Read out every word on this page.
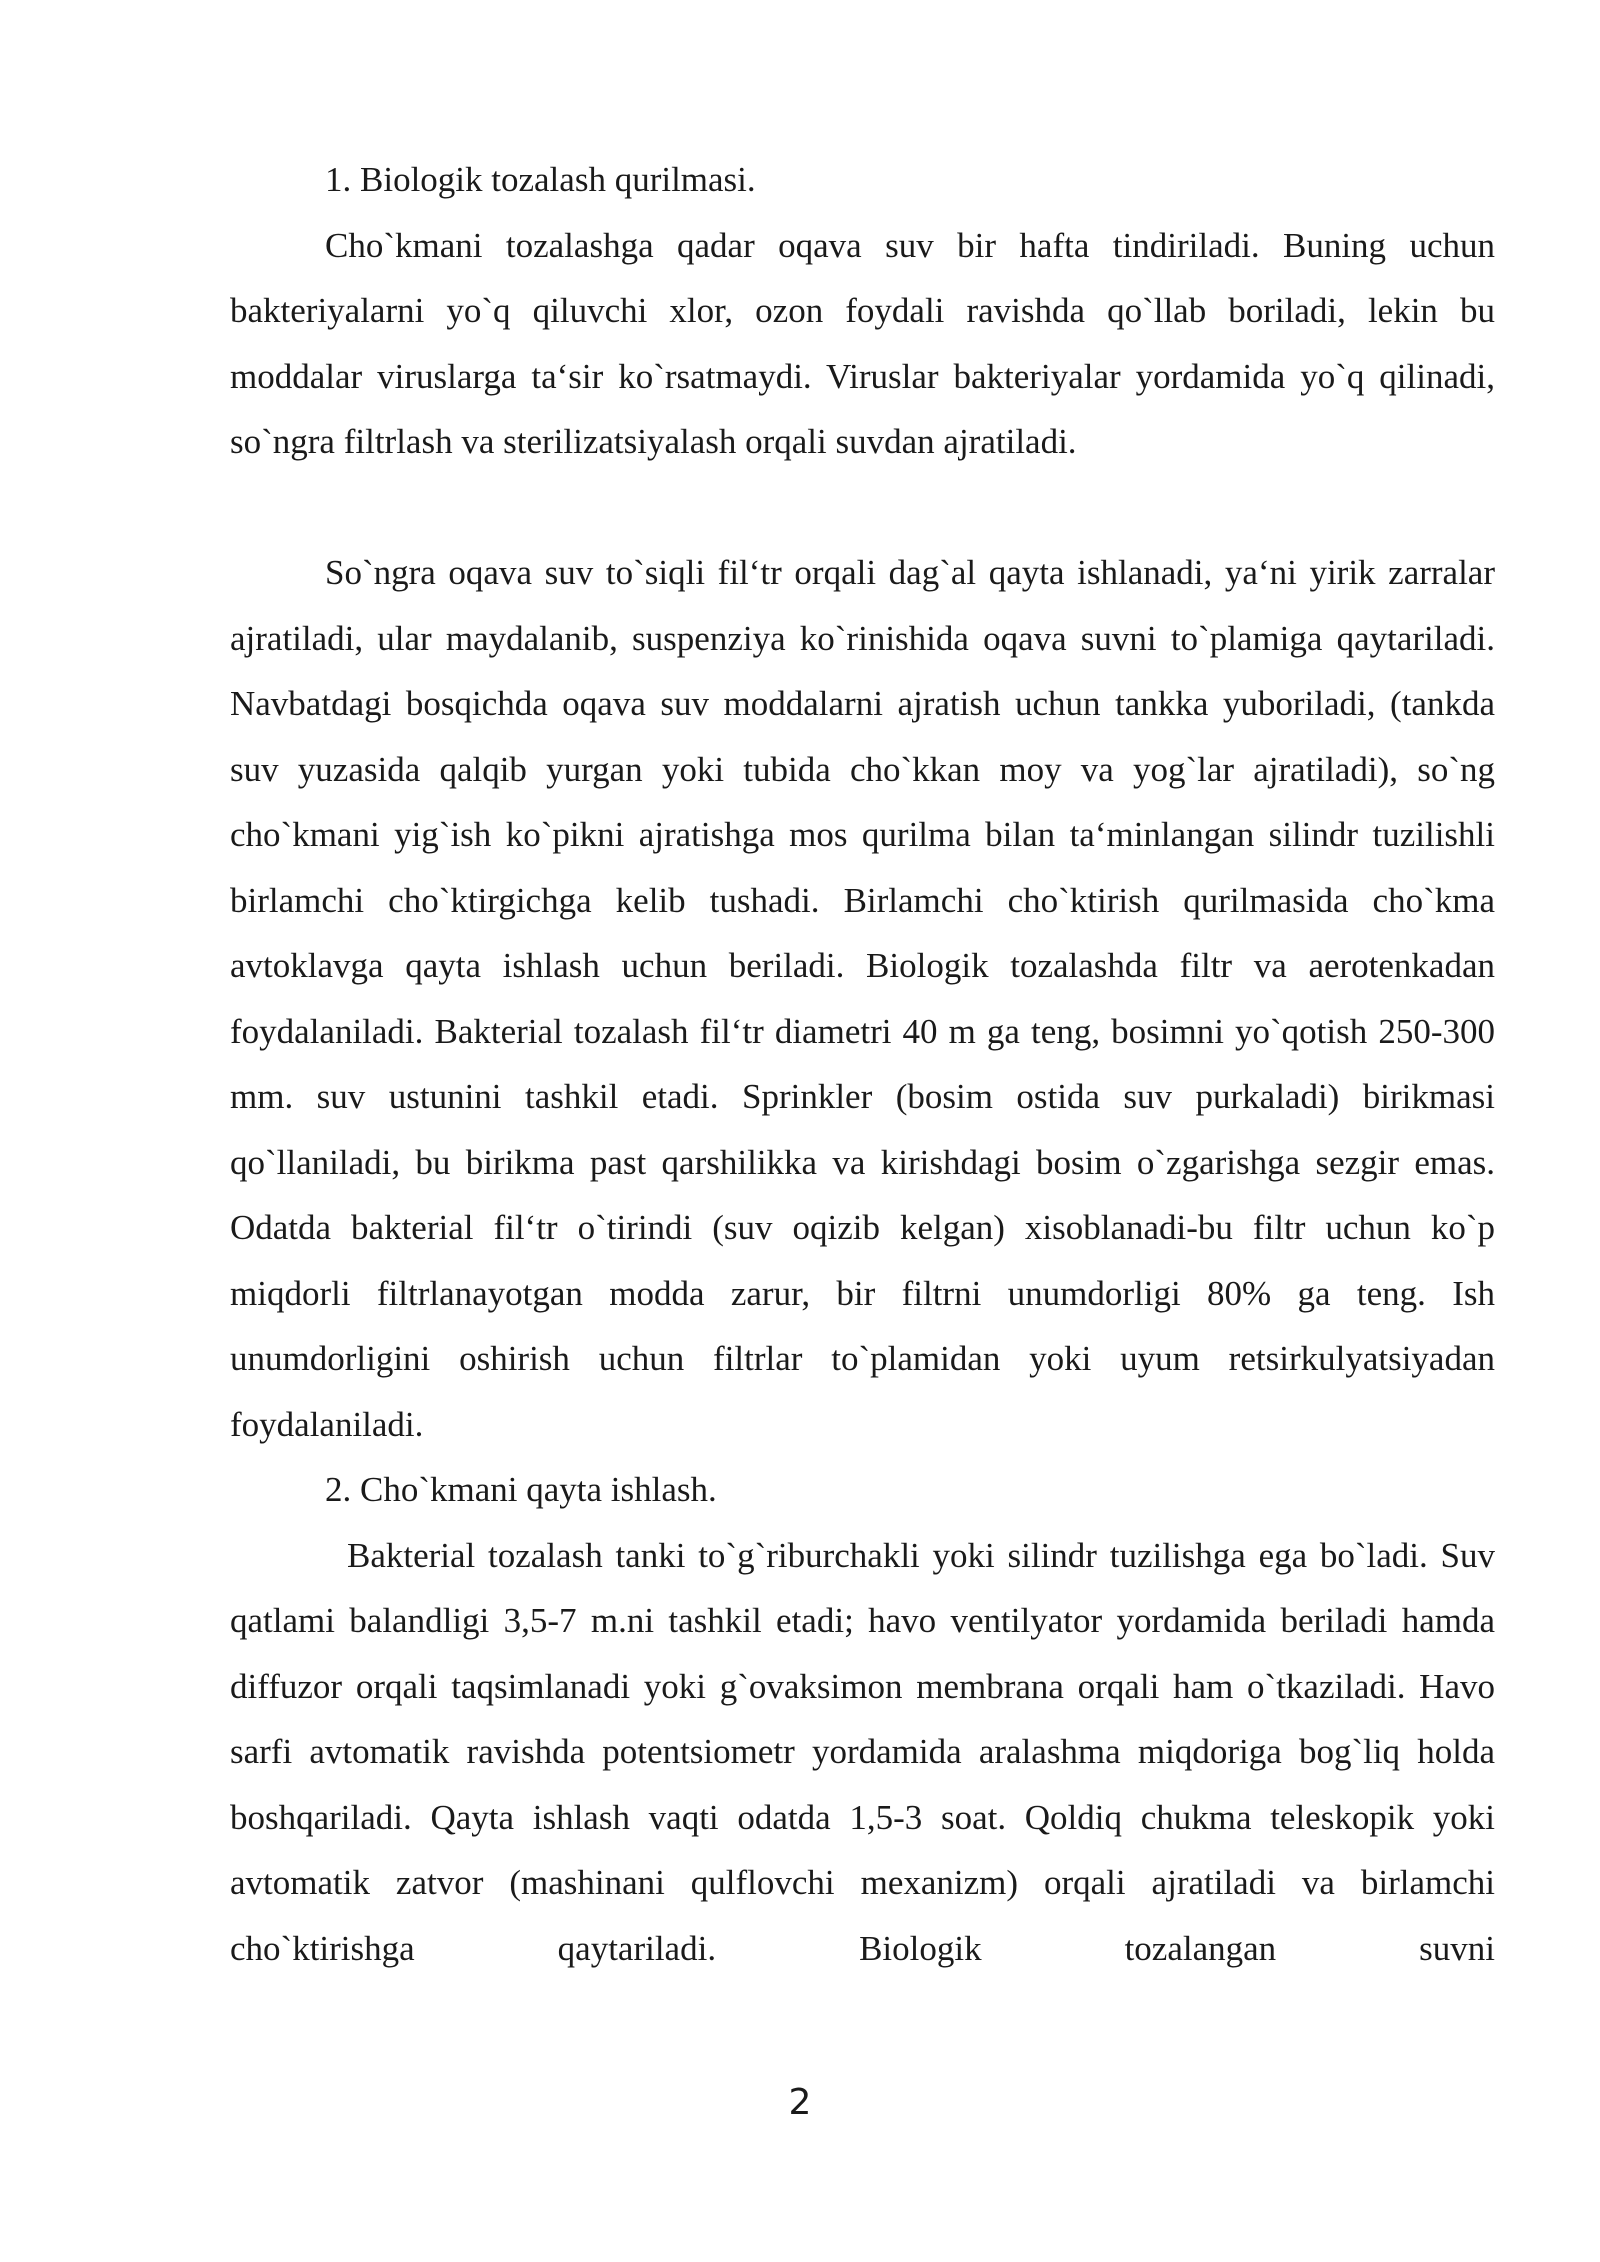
1. Biologik tozalash qurilmasi.

Cho`kmani tozalashga qadar oqava suv bir hafta tindiriladi. Buning uchun bakteriyalarni yo`q qiluvchi xlor, ozon foydali ravishda qo`llab boriladi, lekin bu moddalar viruslarga ta‘sir ko`rsatmaydi. Viruslar bakteriyalar yordamida yo`q qilinadi, so`ngra filtrlash va sterilizatsiyalash orqali suvdan ajratiladi.

So`ngra oqava suv to`siqli fil‘tr orqali dag`al qayta ishlanadi, ya‘ni yirik zarralar ajratiladi, ular maydalanib, suspenziya ko`rinishida oqava suvni to`plamiga qaytariladi. Navbatdagi bosqichda oqava suv moddalarni ajratish uchun tankka yuboriladi, (tankda suv yuzasida qalqib yurgan yoki tubida cho`kkan moy va yog`lar ajratiladi), so`ng cho`kmani yig`ish ko`pikni ajratishga mos qurilma bilan ta‘minlangan silindr tuzilishli birlamchi cho`ktirgichga kelib tushadi. Birlamchi cho`ktirish qurilmasida cho`kma avtoklavga qayta ishlash uchun beriladi. Biologik tozalashda filtr va aerotenkadan foydalaniladi. Bakterial tozalash fil‘tr diametri 40 m ga teng, bosimni yo`qotish 250-300 mm. suv ustunini tashkil etadi. Sprinkler (bosim ostida suv purkaladi) birikmasi qo`llaniladi, bu birikma past qarshilikka va kirishdagi bosim o`zgarishga sezgir emas. Odatda bakterial fil‘tr o`tirindi (suv oqizib kelgan) xisoblanadi-bu filtr uchun ko`p miqdorli filtrlanayotgan modda zarur, bir filtrni unumdorligi 80% ga teng. Ish unumdorligini oshirish uchun filtrlar to`plamidan yoki uyum retsirkulyatsiyadan foydalaniladi.

2. Cho`kmani qayta ishlash.

Bakterial tozalash tanki to`g`riburchakli yoki silindr tuzilishga ega bo`ladi. Suv qatlami balandligi 3,5-7 m.ni tashkil etadi; havo ventilyator yordamida beriladi hamda diffuzor orqali taqsimlanadi yoki g`ovaksimon membrana orqali ham o`tkaziladi. Havo sarfi avtomatik ravishda potentsiometr yordamida aralashma miqdoriga bog`liq holda boshqariladi. Qayta ishlash vaqti odatda 1,5-3 soat. Qoldiq chukma teleskopik yoki avtomatik zatvor (mashinani qulflovchi mexanizm) orqali ajratiladi va birlamchi cho`ktirishga qaytariladi. Biologik tozalangan suvni

2
